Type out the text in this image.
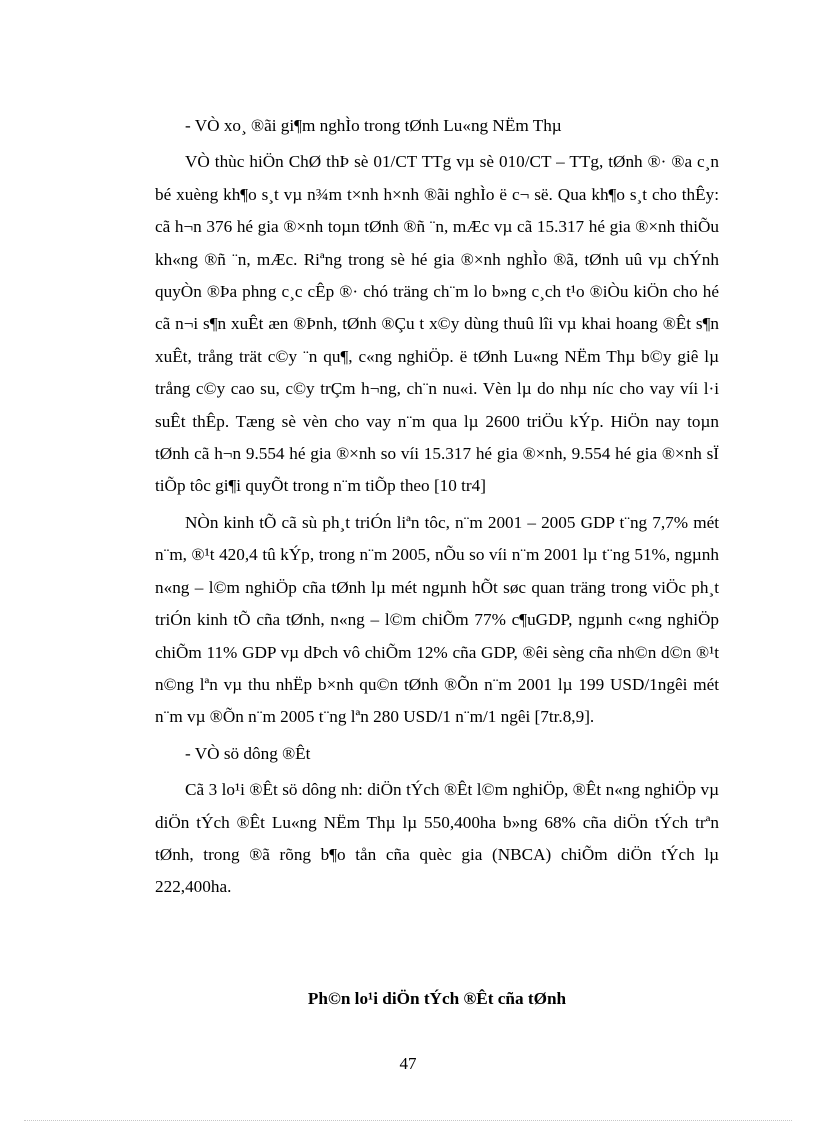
- VÒ xo¸ ®ãi gi¶m nghÌo trong tØnh Lu«ng NËm Thµ

VÒ thùc hiÖn ChØ thÞ sè 01/CT TTg vµ sè 010/CT – TTg, tØnh ®· ®a c¸n bé xuèng kh¶o s¸t vµ n¾m t×nh h×nh ®ãi nghÌo ë c¬ së. Qua kh¶o s¸t cho thÊy: cã h¬n 376 hé gia ®×nh toµn tØnh ®ñ ¨n, mÆc vµ cã 15.317 hé gia ®×nh thiÕu kh«ng ®ñ ¨n, mÆc. Riªng trong sè hé gia ®×nh nghÌo ®ã, tØnh uû vµ chÝnh quyÒn ®Þa phng c¸c cÊp ®· chó träng ch¨m lo b»ng c¸ch t¹o ®iÒu kiÖn cho hé cã n¬i s¶n xuÊt æn ®Þnh, tØnh ®Çu t x©y dùng thuû lîi vµ khai hoang ®Êt s¶n xuÊt, trång trät c©y ¨n qu¶, c«ng nghiÖp. ë tØnh Lu«ng NËm Thµ b©y giê lµ trång c©y cao su, c©y trÇm h¬ng, ch¨n nu«i. Vèn lµ do nhµ níc cho vay víi l·i suÊt thÊp. Tæng sè vèn cho vay n¨m qua lµ 2600 triÖu kÝp. HiÖn nay toµn tØnh cã h¬n 9.554 hé gia ®×nh so víi 15.317 hé gia ®×nh, 9.554 hé gia ®×nh sÏ tiÕp tôc gi¶i quyÕt trong n¨m tiÕp theo [10 tr4]

NÒn kinh tÕ cã sù ph¸t triÓn liªn tôc, n¨m 2001 – 2005 GDP t¨ng 7,7% mét n¨m, ®¹t 420,4 tû kÝp, trong n¨m 2005, nÕu so víi n¨m 2001 lµ t¨ng 51%, ngµnh n«ng – l©m nghiÖp cña tØnh lµ mét ngµnh hÕt søc quan träng trong viÖc ph¸t triÓn kinh tÕ cña tØnh, n«ng – l©m chiÕm 77% c¶uGDP, ngµnh c«ng nghiÖp chiÕm 11% GDP vµ dÞch vô chiÕm 12% cña GDP, ®êi sèng cña nh©n d©n ®¹t n©ng lªn vµ thu nhËp b×nh qu©n tØnh ®Õn n¨m 2001 lµ 199 USD/1ngêi mét n¨m vµ ®Õn n¨m 2005 t¨ng lªn 280 USD/1 n¨m/1 ngêi [7tr.8,9].

- VÒ sö dông ®Êt

Cã 3 lo¹i ®Êt sö dông nh: diÖn tÝch ®Êt l©m nghiÖp, ®Êt n«ng nghiÖp vµ diÖn tÝch ®Êt Lu«ng NËm Thµ lµ 550,400ha b»ng 68% cña diÖn tÝch trªn tØnh, trong ®ã rõng b¶o tån cña quèc gia (NBCA) chiÕm diÖn tÝch lµ 222,400ha.

Ph©n lo¹i diÖn tÝch ®Êt cña tØnh
47
